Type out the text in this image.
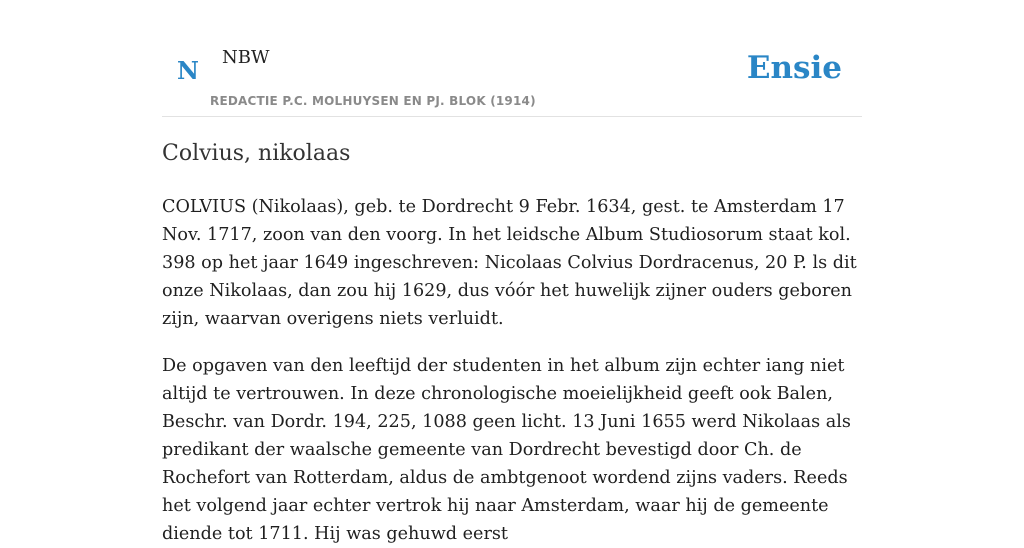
N NBW
REDACTIE P.C. MOLHUYSEN EN PJ. BLOK (1914)
Ensie
Colvius, nikolaas

COLVIUS (Nikolaas), geb. te Dordrecht 9 Febr. 1634, gest. te Amsterdam 17 Nov. 1717, zoon van den voorg. In het leidsche Album Studiosorum staat kol. 398 op het jaar 1649 ingeschreven: Nicolaas Colvius Dordracenus, 20 P. ls dit onze Nikolaas, dan zou hij 1629, dus vóór het huwelijk zijner ouders geboren zijn, waarvan overigens niets verluidt.

De opgaven van den leeftijd der studenten in het album zijn echter iang niet altijd te vertrouwen. In deze chronologische moeielijkheid geeft ook Balen, Beschr. van Dordr. 194, 225, 1088 geen licht. 13 Juni 1655 werd Nikolaas als predikant der waalsche gemeente van Dordrecht bevestigd door Ch. de Rochefort van Rotterdam, aldus de ambtgenoot wordend zijns vaders. Reeds het volgend jaar echter vertrok hij naar Amsterdam, waar hij de gemeente diende tot 1711. Hij was gehuwd eerst
